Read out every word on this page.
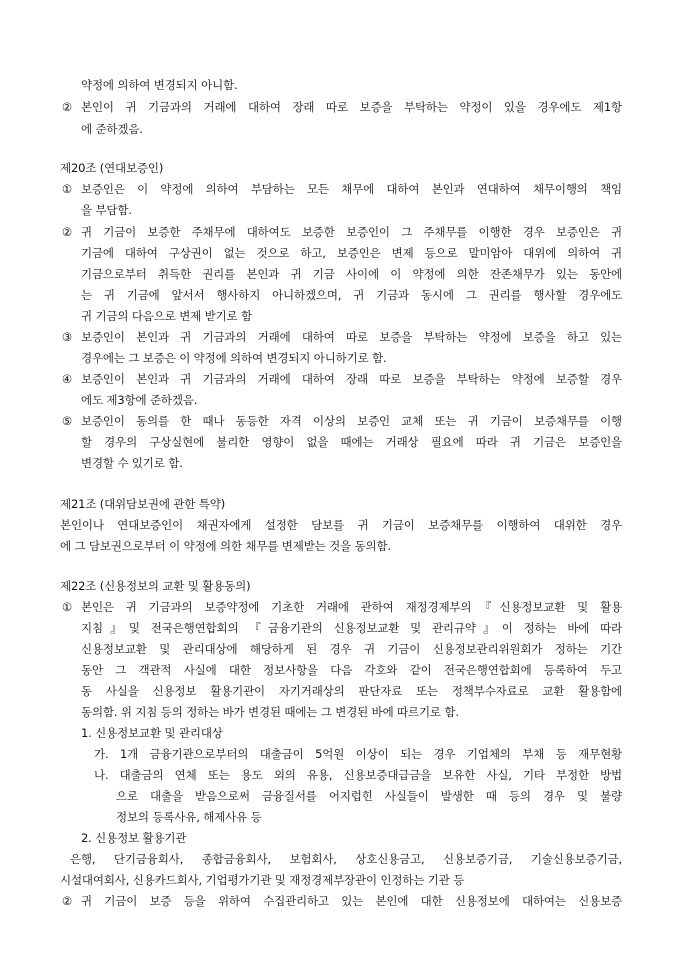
약정에 의하여 변경되지 아니함.
② 본인이 귀 기금과의 거래에 대하여 장래 따로 보증을 부탁하는 약정이 있을 경우에도 제1항
에 준하겠음.
제20조 (연대보증인)
① 보증인은 이 약정에 의하여 부담하는 모든 채무에 대하여 본인과 연대하여 채무이행의 책임
을 부담함.
② 귀 기금이 보증한 주채무에 대하여도 보증한 보증인이 그 주채무를 이행한 경우 보증인은 귀
기금에 대하여 구상권이 없는 것으로 하고, 보증인은 변제 등으로 말미암아 대위에 의하여 귀
기금으로부터 취득한 권리를 본인과 귀 기금 사이에 이 약정에 의한 잔존채무가 있는 동안에
는 귀 기금에 앞서서 행사하지 아니하겠으며, 귀 기금과 동시에 그 권리를 행사할 경우에도
귀 기금의 다음으로 변제 받기로 함
③ 보증인이 본인과 귀 기금과의 거래에 대하여 따로 보증을 부탁하는 약정에 보증을 하고 있는
경우에는 그 보증은 이 약정에 의하여 변경되지 아니하기로 함.
④ 보증인이 본인과 귀 기금과의 거래에 대하여 장래 따로 보증을 부탁하는 약정에 보증할 경우
에도 제3항에 준하겠음.
⑤ 보증인이 동의를 한 때나 동등한 자격 이상의 보증인 교체 또는 귀 기금이 보증채무를 이행
할 경우의 구상실현에 불리한 영향이 없을 때에는 거래상 필요에 따라 귀 기금은 보증인을
변경할 수 있기로 함.
제21조 (대위담보권에 관한 특약)
본인이나 연대보증인이 채권자에게 설정한 담보를 귀 기금이 보증채무를 이행하여 대위한 경우
에 그 담보권으로부터 이 약정에 의한 채무를 변제받는 것을 동의함.
제22조 (신용정보의 교환 및 활용동의)
① 본인은 귀 기금과의 보증약정에 기초한 거래에 관하여 재정경제부의『신용정보교환 및 활용
지침』및 전국은행연합회의 『금융기관의 신용정보교환 및 관리규약』이 정하는 바에 따라
신용정보교환 및 관리대상에 해당하게 된 경우 귀 기금이 신용정보관리위원회가 정하는 기간
동안 그 객관적 사실에 대한 정보사항을 다음 각호와 같이 전국은행연합회에 등록하여 두고
동 사실을 신용정보 활용기관이 자기거래상의 판단자료 또는 정책부수자료로 교환 활용함에
동의함. 위 지침 등의 정하는 바가 변경된 때에는 그 변경된 바에 따르기로 함.
1. 신용정보교환 및 관리대상
가. 1개 금융기관으로부터의 대출금이 5억원 이상이 되는 경우 기업체의 부채 등 재무현황
나. 대출금의 연체 또는 용도 외의 유용, 신용보증대급금을 보유한 사실, 기타 부정한 방법
으로 대출을 받음으로써 금융질서를 어지럽힌 사실들이 발생한 때 등의 경우 및 불량
정보의 등록사유, 해제사유 등
2. 신용정보 활용기관
은행, 단기금융회사, 종합금융회사, 보험회사, 상호신용금고, 신용보증기금, 기술신용보증기금,
시설대여회사, 신용카드회사, 기업평가기관 및 재정경제부장관이 인정하는 기관 등
② 귀 기금이 보증 등을 위하여 수집관리하고 있는 본인에 대한 신용정보에 대하여는 신용보증
